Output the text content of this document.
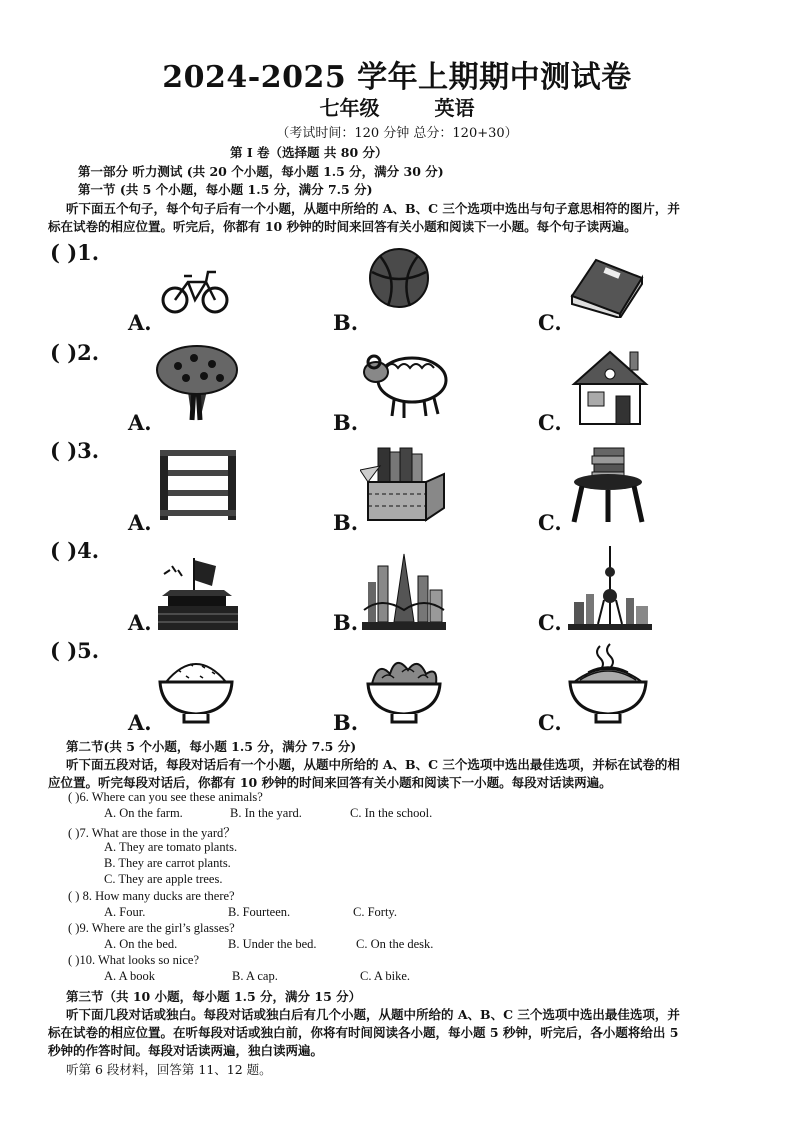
2024-2025 学年上期期中测试卷
七年级	英语
（考试时间：120 分钟 总分：120+30）
第 I 卷（选择题 共 80 分）
第一部分 听力测试 (共 20 个小题，每小题 1.5 分，满分 30 分)
第一节 (共 5 个小题，每小题 1.5 分，满分 7.5 分)
听下面五个句子，每个句子后有一个小题，从题中所给的 A、B、C 三个选项中选出与句子意思相符的图片，并
标在试卷的相应位置。听完后，你都有 10 秒钟的时间来回答有关小题和阅读下一小题。每个句子读两遍。
( )1.
A.	B.	C.
( )2.
A.	B.	C.
( )3.
A.	B.	C.
( )4.
A.	B.	C.
( )5.
A.	B.	C.
第二节(共 5 个小题，每小题 1.5 分，满分 7.5 分)
听下面五段对话，每段对话后有一个小题，从题中所给的 A、B、C 三个选项中选出最佳选项，并标在试卷的相
应位置。听完每段对话后，你都有 10 秒钟的时间来回答有关小题和阅读下一小题。每段对话读两遍。
( )6. Where can you see these animals?
A. On the farm.	B. In the yard.	C. In the school.
( )7. What are those in the yard？
A. They are tomato plants.
B. They are carrot plants.
C. They are apple trees.
( ) 8. How many ducks are there?
A. Four.	B. Fourteen.	C. Forty.
( )9. Where are the girl’s glasses?
A. On the bed.	B. Under the bed.	C. On the desk.
( )10. What looks so nice?
A. A book	B. A cap.	C. A bike.
第三节（共 10 小题，每小题 1.5 分，满分 15 分）
听下面几段对话或独白。每段对话或独白后有几个小题，从题中所给的 A、B、C 三个选项中选出最佳选项，并
标在试卷的相应位置。在听每段对话或独白前，你将有时间阅读各小题，每小题 5 秒钟，听完后，各小题将给出 5
秒钟的作答时间。每段对话读两遍，独白读两遍。
听第 6 段材料，回答第 11、12 题。
